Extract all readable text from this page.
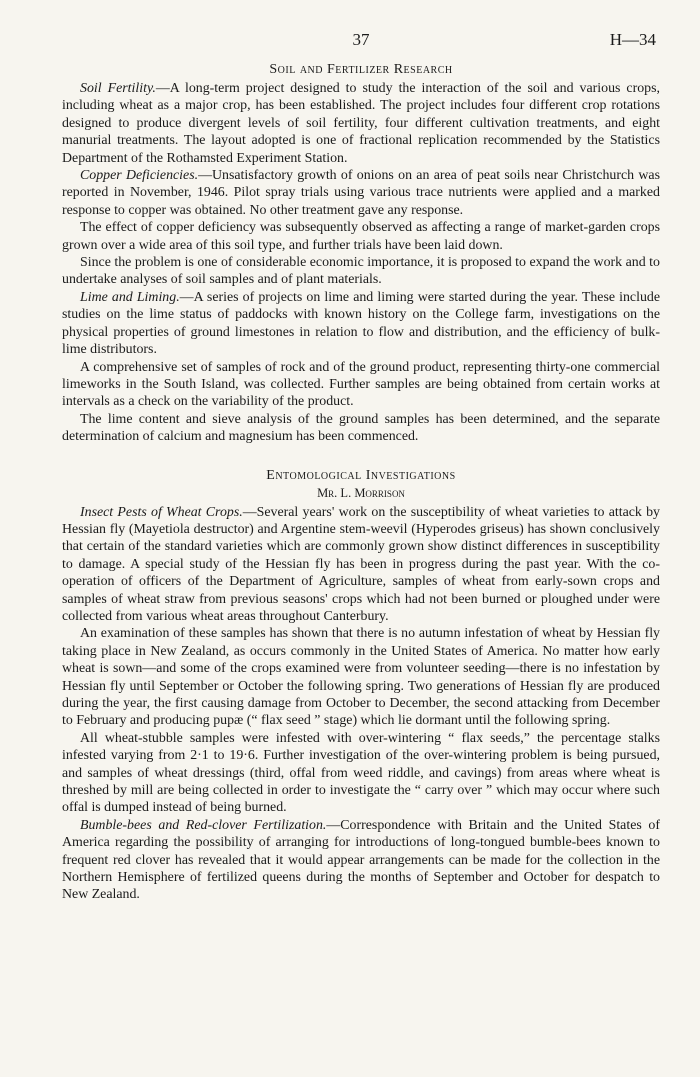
37	H—34
Soil and Fertilizer Research

Soil Fertility.—A long-term project designed to study the interaction of the soil and various crops, including wheat as a major crop, has been established. The project includes four different crop rotations designed to produce divergent levels of soil fertility, four different cultivation treatments, and eight manurial treatments. The layout adopted is one of fractional replication recommended by the Statistics Department of the Rothamsted Experiment Station.

Copper Deficiencies.—Unsatisfactory growth of onions on an area of peat soils near Christchurch was reported in November, 1946. Pilot spray trials using various trace nutrients were applied and a marked response to copper was obtained. No other treatment gave any response.

The effect of copper deficiency was subsequently observed as affecting a range of market-garden crops grown over a wide area of this soil type, and further trials have been laid down.

Since the problem is one of considerable economic importance, it is proposed to expand the work and to undertake analyses of soil samples and of plant materials.

Lime and Liming.—A series of projects on lime and liming were started during the year. These include studies on the lime status of paddocks with known history on the College farm, investigations on the physical properties of ground limestones in relation to flow and distribution, and the efficiency of bulk-lime distributors.

A comprehensive set of samples of rock and of the ground product, representing thirty-one commercial limeworks in the South Island, was collected. Further samples are being obtained from certain works at intervals as a check on the variability of the product.

The lime content and sieve analysis of the ground samples has been determined, and the separate determination of calcium and magnesium has been commenced.

Entomological Investigations
Mr. L. Morrison

Insect Pests of Wheat Crops.—Several years' work on the susceptibility of wheat varieties to attack by Hessian fly (Mayetiola destructor) and Argentine stem-weevil (Hyperodes griseus) has shown conclusively that certain of the standard varieties which are commonly grown show distinct differences in susceptibility to damage. A special study of the Hessian fly has been in progress during the past year. With the co-operation of officers of the Department of Agriculture, samples of wheat from early-sown crops and samples of wheat straw from previous seasons' crops which had not been burned or ploughed under were collected from various wheat areas throughout Canterbury.

An examination of these samples has shown that there is no autumn infestation of wheat by Hessian fly taking place in New Zealand, as occurs commonly in the United States of America. No matter how early wheat is sown—and some of the crops examined were from volunteer seeding—there is no infestation by Hessian fly until September or October the following spring. Two generations of Hessian fly are produced during the year, the first causing damage from October to December, the second attacking from December to February and producing pupæ (“ flax seed ” stage) which lie dormant until the following spring.

All wheat-stubble samples were infested with over-wintering “ flax seeds,” the percentage stalks infested varying from 2·1 to 19·6. Further investigation of the over-wintering problem is being pursued, and samples of wheat dressings (third, offal from weed riddle, and cavings) from areas where wheat is threshed by mill are being collected in order to investigate the “ carry over ” which may occur where such offal is dumped instead of being burned.

Bumble-bees and Red-clover Fertilization.—Correspondence with Britain and the United States of America regarding the possibility of arranging for introductions of long-tongued bumble-bees known to frequent red clover has revealed that it would appear arrangements can be made for the collection in the Northern Hemisphere of fertilized queens during the months of September and October for despatch to New Zealand.
